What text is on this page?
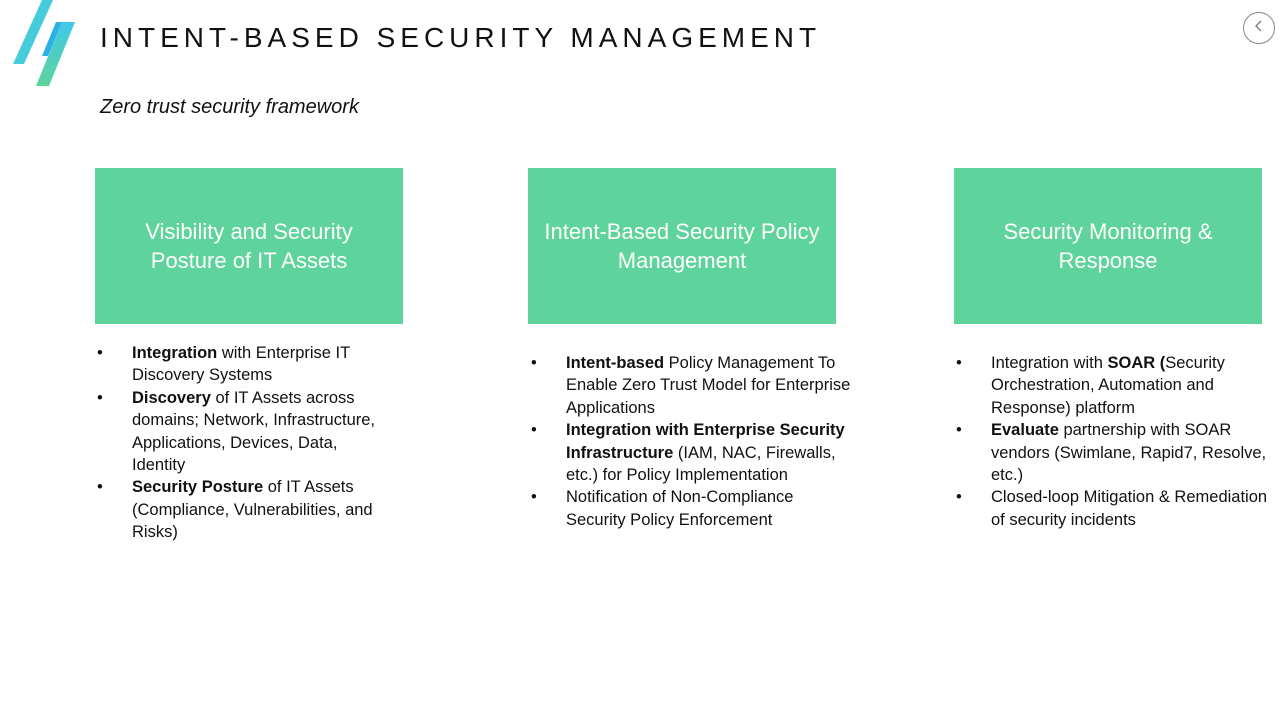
INTENT-BASED SECURITY MANAGEMENT
Zero trust security framework
Visibility and Security Posture of IT Assets
• Integration with Enterprise IT Discovery Systems
• Discovery of IT Assets across domains; Network, Infrastructure, Applications, Devices, Data, Identity
• Security Posture of IT Assets (Compliance, Vulnerabilities, and Risks)
Intent-Based Security Policy Management
• Intent-based Policy Management To Enable Zero Trust Model for Enterprise Applications
• Integration with Enterprise Security Infrastructure (IAM, NAC, Firewalls, etc.) for Policy Implementation
• Notification of Non-Compliance Security Policy Enforcement
Security Monitoring & Response
• Integration with SOAR (Security Orchestration, Automation and Response) platform
• Evaluate partnership with SOAR vendors (Swimlane, Rapid7, Resolve, etc.)
• Closed-loop Mitigation & Remediation of security incidents
